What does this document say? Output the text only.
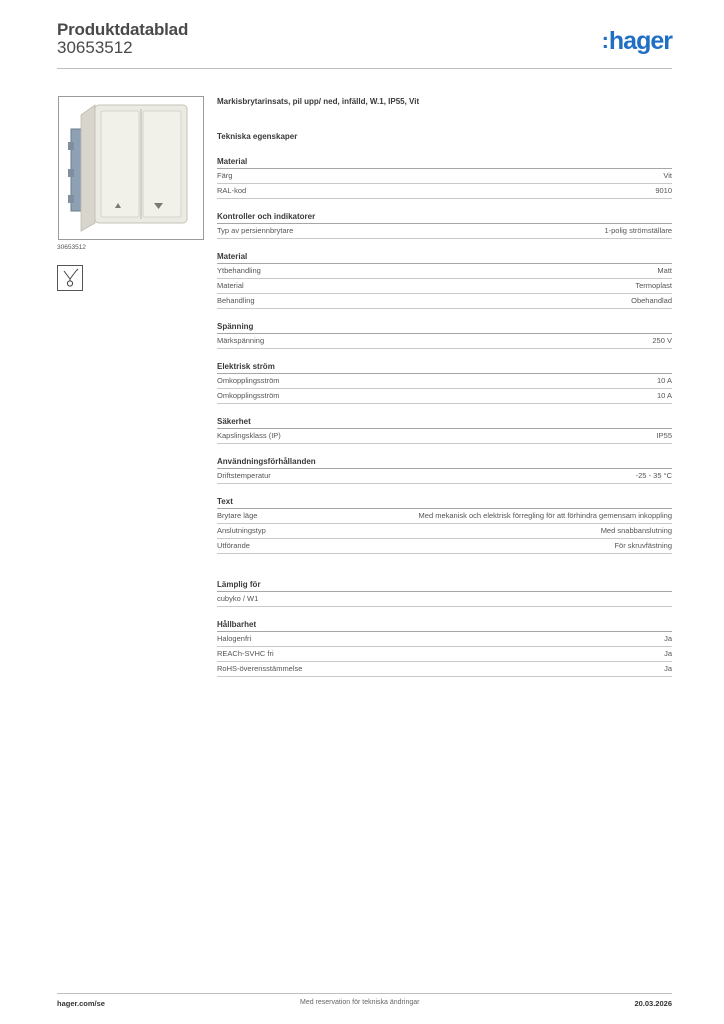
Produktdatablad
30653512	:hager
30653512
Markisbrytarinsats, pil upp/ ned, infälld, W.1, IP55, Vit
Tekniska egenskaper
Material
Färg	Vit
RAL-kod	9010
Kontroller och indikatorer
Typ av persiennbrytare	1-polig strömställare
Material
Ytbehandling	Matt
Material	Termoplast
Behandling	Obehandlad
Spänning
Märkspänning	250 V
Elektrisk ström
Omkopplingsström	10 A
Omkopplingsström	10 A
Säkerhet
Kapslingsklass (IP)	IP55
Användningsförhållanden
Driftstemperatur	-25 - 35 °C
Text
Brytare läge	Med mekanisk och elektrisk förregling för att förhindra gemensam inkoppling
Anslutningstyp	Med snabbanslutning
Utförande	För skruvfästning
Lämplig för
cubyko / W1
Hållbarhet
Halogenfri	Ja
REACh-SVHC fri	Ja
RoHS-överensstämmelse	Ja
hager.com/se	Med reservation för tekniska ändringar	20.03.2026
